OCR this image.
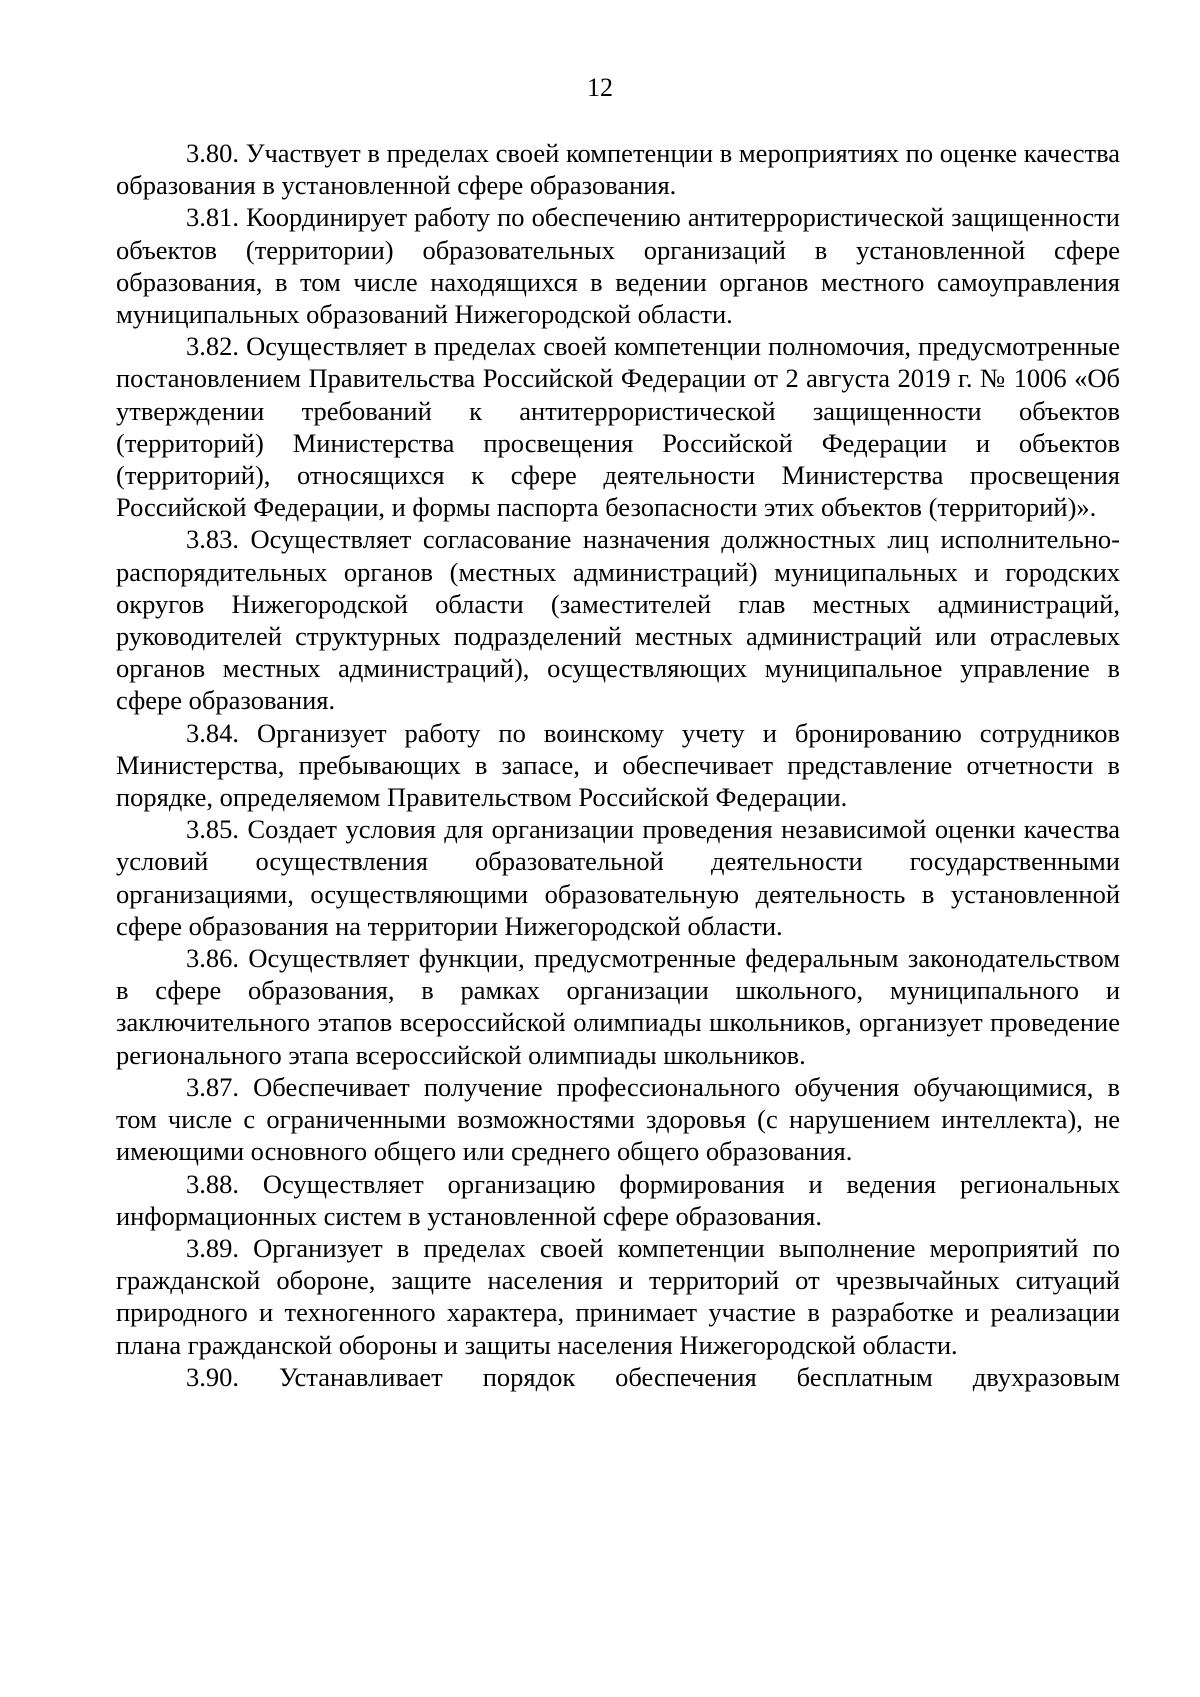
12

3.80. Участвует в пределах своей компетенции в мероприятиях по оценке качества образования в установленной сфере образования.

3.81. Координирует работу по обеспечению антитеррористической защищенности объектов (территории) образовательных организаций в установленной сфере образования, в том числе находящихся в ведении органов местного самоуправления муниципальных образований Нижегородской области.

3.82. Осуществляет в пределах своей компетенции полномочия, предусмотренные постановлением Правительства Российской Федерации от 2 августа 2019 г. № 1006 «Об утверждении требований к антитеррористической защищенности объектов (территорий) Министерства просвещения Российской Федерации и объектов (территорий), относящихся к сфере деятельности Министерства просвещения Российской Федерации, и формы паспорта безопасности этих объектов (территорий)».

3.83. Осуществляет согласование назначения должностных лиц исполнительно-распорядительных органов (местных администраций) муниципальных и городских округов Нижегородской области (заместителей глав местных администраций, руководителей структурных подразделений местных администраций или отраслевых органов местных администраций), осуществляющих муниципальное управление в сфере образования.

3.84. Организует работу по воинскому учету и бронированию сотрудников Министерства, пребывающих в запасе, и обеспечивает представление отчетности в порядке, определяемом Правительством Российской Федерации.

3.85. Создает условия для организации проведения независимой оценки качества условий осуществления образовательной деятельности государственными организациями, осуществляющими образовательную деятельность в установленной сфере образования на территории Нижегородской области.

3.86. Осуществляет функции, предусмотренные федеральным законодательством в сфере образования, в рамках организации школьного, муниципального и заключительного этапов всероссийской олимпиады школьников, организует проведение регионального этапа всероссийской олимпиады школьников.

3.87. Обеспечивает получение профессионального обучения обучающимися, в том числе с ограниченными возможностями здоровья (с нарушением интеллекта), не имеющими основного общего или среднего общего образования.

3.88. Осуществляет организацию формирования и ведения региональных информационных систем в установленной сфере образования.

3.89. Организует в пределах своей компетенции выполнение мероприятий по гражданской обороне, защите населения и территорий от чрезвычайных ситуаций природного и техногенного характера, принимает участие в разработке и реализации плана гражданской обороны и защиты населения Нижегородской области.

3.90. Устанавливает порядок обеспечения бесплатным двухразовым
